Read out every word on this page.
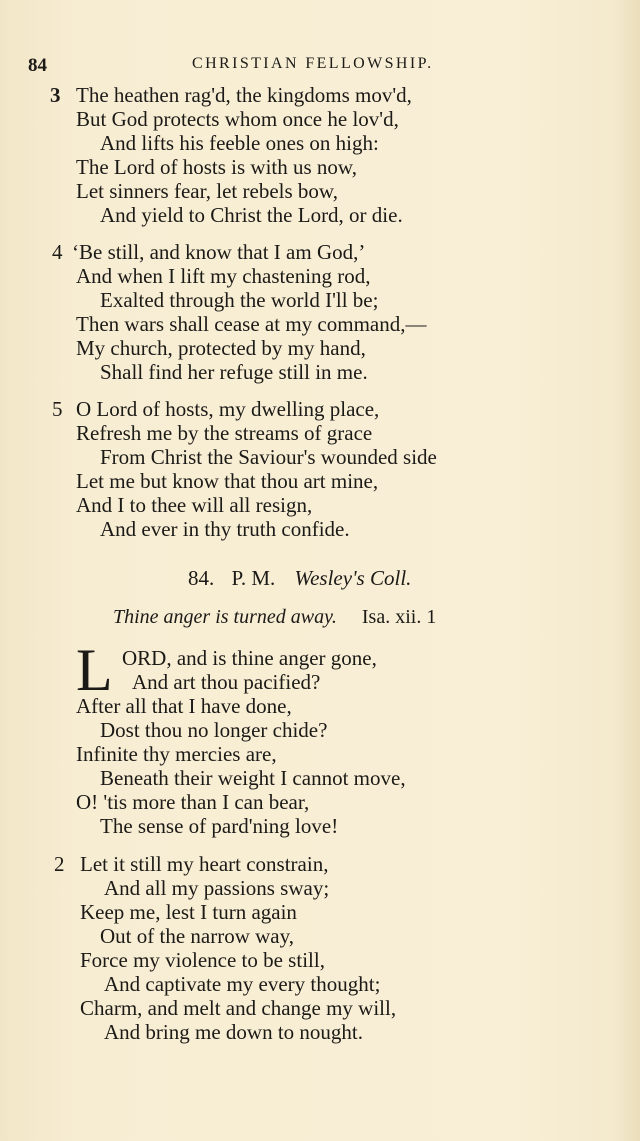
84	CHRISTIAN FELLOWSHIP.
3 The heathen rag'd, the kingdoms mov'd,
But God protects whom once he lov'd,
And lifts his feeble ones on high:
The Lord of hosts is with us now,
Let sinners fear, let rebels bow,
And yield to Christ the Lord, or die.
4 ‘Be still, and know that I am God,’
And when I lift my chastening rod,
Exalted through the world I'll be;
Then wars shall cease at my command,—
My church, protected by my hand,
Shall find her refuge still in me.
5 O Lord of hosts, my dwelling place,
Refresh me by the streams of grace
From Christ the Saviour's wounded side
Let me but know that thou art mine,
And I to thee will all resign,
And ever in thy truth confide.
84. P. M. Wesley's Coll.
Thine anger is turned away. Isa. xii. 1
L ORD, and is thine anger gone,
And art thou pacified?
After all that I have done,
Dost thou no longer chide?
Infinite thy mercies are,
Beneath their weight I cannot move,
O! 'tis more than I can bear,
The sense of pard'ning love!
2 Let it still my heart constrain,
And all my passions sway;
Keep me, lest I turn again
Out of the narrow way,
Force my violence to be still,
And captivate my every thought;
Charm, and melt and change my will,
And bring me down to nought.
